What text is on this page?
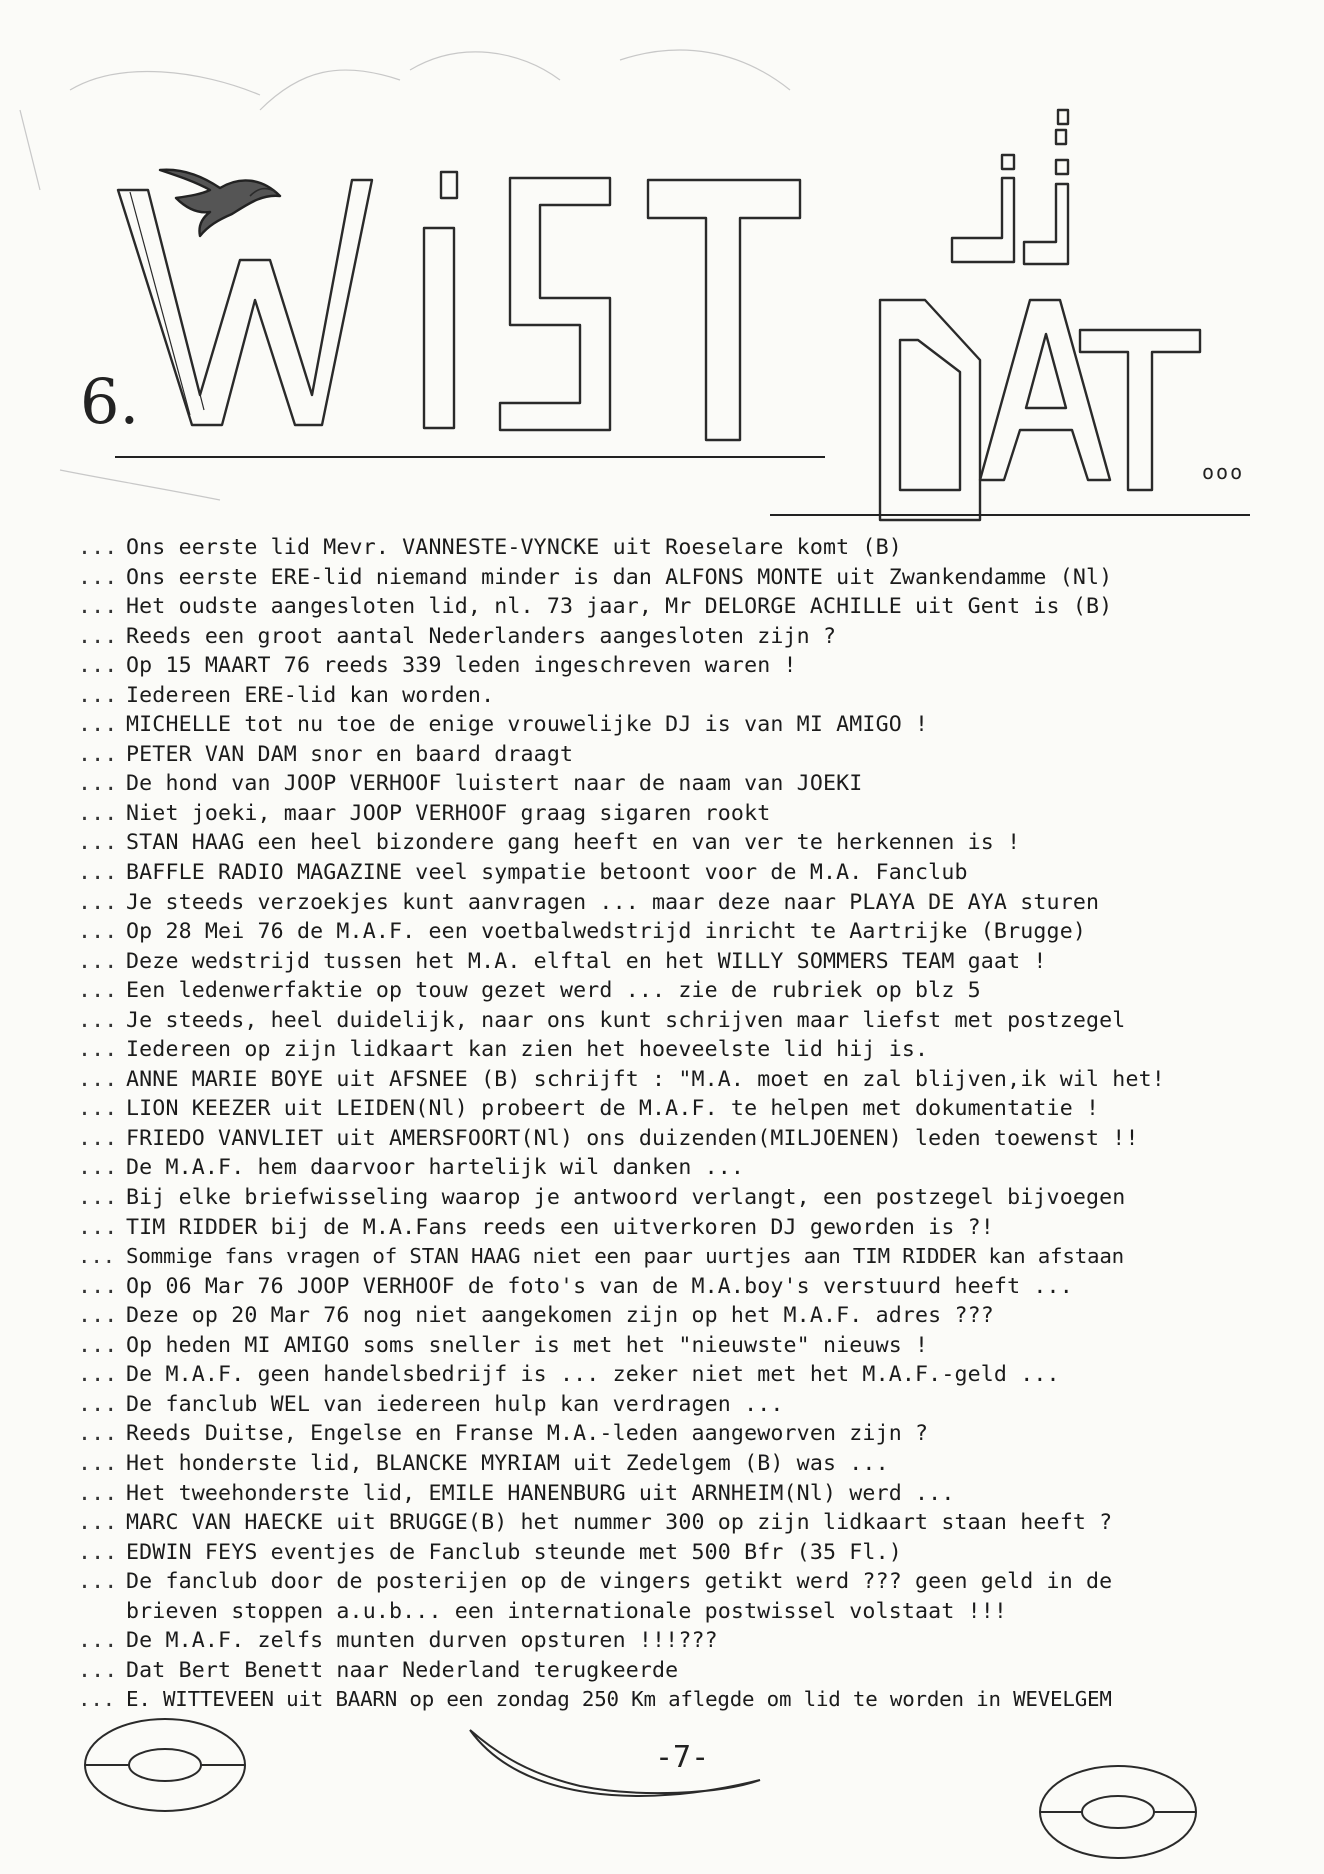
6.
ooo
... Ons eerste lid Mevr. VANNESTE-VYNCKE uit Roeselare komt (B)
... Ons eerste ERE-lid niemand minder is dan ALFONS MONTE uit Zwankendamme (Nl)
... Het oudste aangesloten lid, nl. 73 jaar, Mr DELORGE ACHILLE uit Gent is (B)
... Reeds een groot aantal Nederlanders aangesloten zijn ?
... Op 15 MAART 76 reeds 339 leden ingeschreven waren !
... Iedereen ERE-lid kan worden.
... MICHELLE tot nu toe de enige vrouwelijke DJ is van MI AMIGO !
... PETER VAN DAM snor en baard draagt
... De hond van JOOP VERHOOF luistert naar de naam van JOEKI
... Niet joeki, maar JOOP VERHOOF graag sigaren rookt
... STAN HAAG een heel bizondere gang heeft en van ver te herkennen is !
... BAFFLE RADIO MAGAZINE veel sympatie betoont voor de M.A. Fanclub
... Je steeds verzoekjes kunt aanvragen ... maar deze naar PLAYA DE AYA sturen
... Op 28 Mei 76 de M.A.F. een voetbalwedstrijd inricht te Aartrijke (Brugge)
... Deze wedstrijd tussen het M.A. elftal en het WILLY SOMMERS TEAM gaat !
... Een ledenwerfaktie op touw gezet werd ... zie de rubriek op blz 5
... Je steeds, heel duidelijk, naar ons kunt schrijven maar liefst met postzegel
... Iedereen op zijn lidkaart kan zien het hoeveelste lid hij is.
... ANNE MARIE BOYE uit AFSNEE (B) schrijft : "M.A. moet en zal blijven,ik wil het!
... LION KEEZER uit LEIDEN(Nl) probeert de M.A.F. te helpen met dokumentatie !
... FRIEDO VANVLIET uit AMERSFOORT(Nl) ons duizenden(MILJOENEN) leden toewenst !!
... De M.A.F. hem daarvoor hartelijk wil danken ...
... Bij elke briefwisseling waarop je antwoord verlangt, een postzegel bijvoegen
... TIM RIDDER bij de M.A.Fans reeds een uitverkoren DJ geworden is ?!
... Sommige fans vragen of STAN HAAG niet een paar uurtjes aan TIM RIDDER kan afstaan
... Op 06 Mar 76 JOOP VERHOOF de foto's van de M.A.boy's verstuurd heeft ...
... Deze op 20 Mar 76 nog niet aangekomen zijn op het M.A.F. adres ???
... Op heden MI AMIGO soms sneller is met het "nieuwste" nieuws !
... De M.A.F. geen handelsbedrijf is ... zeker niet met het M.A.F.-geld ...
... De fanclub WEL van iedereen hulp kan verdragen ...
... Reeds Duitse, Engelse en Franse M.A.-leden aangeworven zijn ?
... Het honderste lid, BLANCKE MYRIAM uit Zedelgem (B) was ...
... Het tweehonderste lid, EMILE HANENBURG uit ARNHEIM(Nl) werd ...
... MARC VAN HAECKE uit BRUGGE(B) het nummer 300 op zijn lidkaart staan heeft ?
... EDWIN FEYS eventjes de Fanclub steunde met 500 Bfr (35 Fl.)
... De fanclub door de posterijen op de vingers getikt werd ??? geen geld in de
brieven stoppen a.u.b... een internationale postwissel volstaat !!!
... De M.A.F. zelfs munten durven opsturen !!!???
... Dat Bert Benett naar Nederland terugkeerde
... E. WITTEVEEN uit BAARN op een zondag 250 Km aflegde om lid te worden in WEVELGEM
-7-
